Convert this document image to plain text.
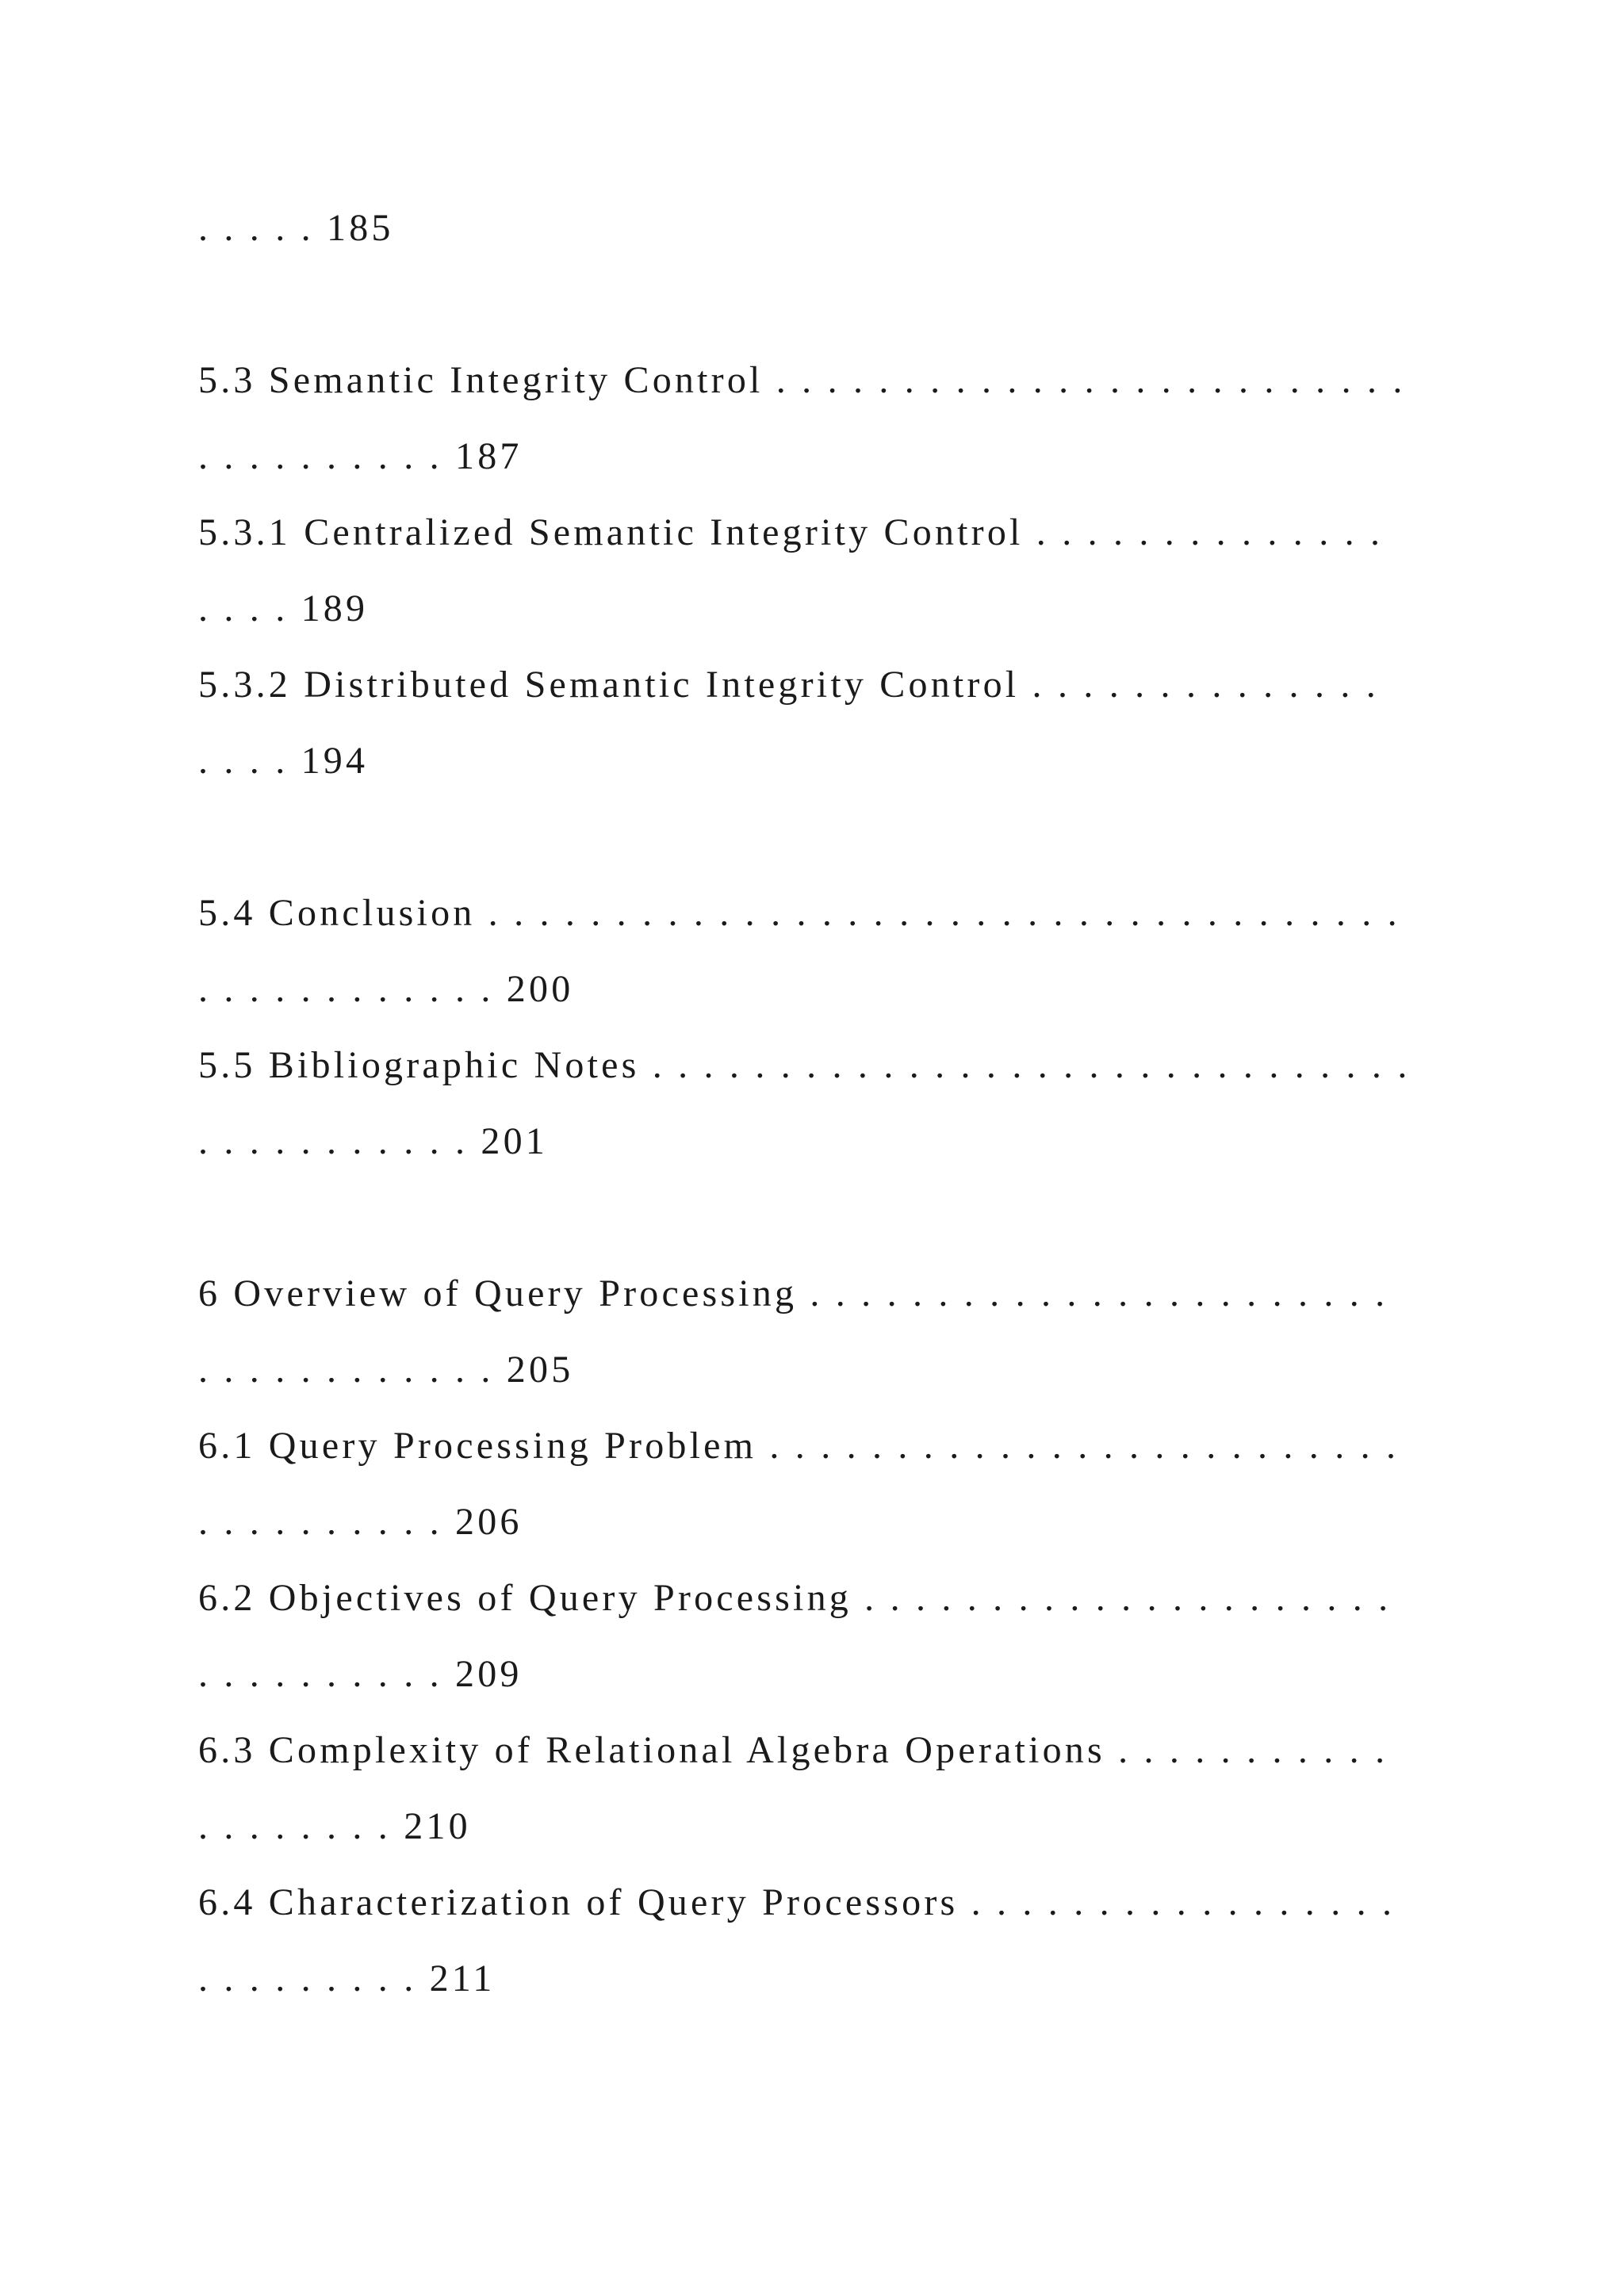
. . . . . 185

5.3 Semantic Integrity Control . . . . . . . . . . . . . . . . . . . . . . . . .

. . . . . . . . . . 187

5.3.1 Centralized Semantic Integrity Control . . . . . . . . . . . . . .

. . . . 189

5.3.2 Distributed Semantic Integrity Control . . . . . . . . . . . . . .

. . . . 194

5.4 Conclusion . . . . . . . . . . . . . . . . . . . . . . . . . . . . . . . . . . . .

. . . . . . . . . . . . 200

5.5 Bibliographic Notes . . . . . . . . . . . . . . . . . . . . . . . . . . . . . .

. . . . . . . . . . . 201

6 Overview of Query Processing . . . . . . . . . . . . . . . . . . . . . . .

. . . . . . . . . . . . 205

6.1 Query Processing Problem . . . . . . . . . . . . . . . . . . . . . . . . .

. . . . . . . . . . 206

6.2 Objectives of Query Processing . . . . . . . . . . . . . . . . . . . . .

. . . . . . . . . . 209

6.3 Complexity of Relational Algebra Operations . . . . . . . . . . .

. . . . . . . . 210

6.4 Characterization of Query Processors . . . . . . . . . . . . . . . . .

. . . . . . . . . 211
